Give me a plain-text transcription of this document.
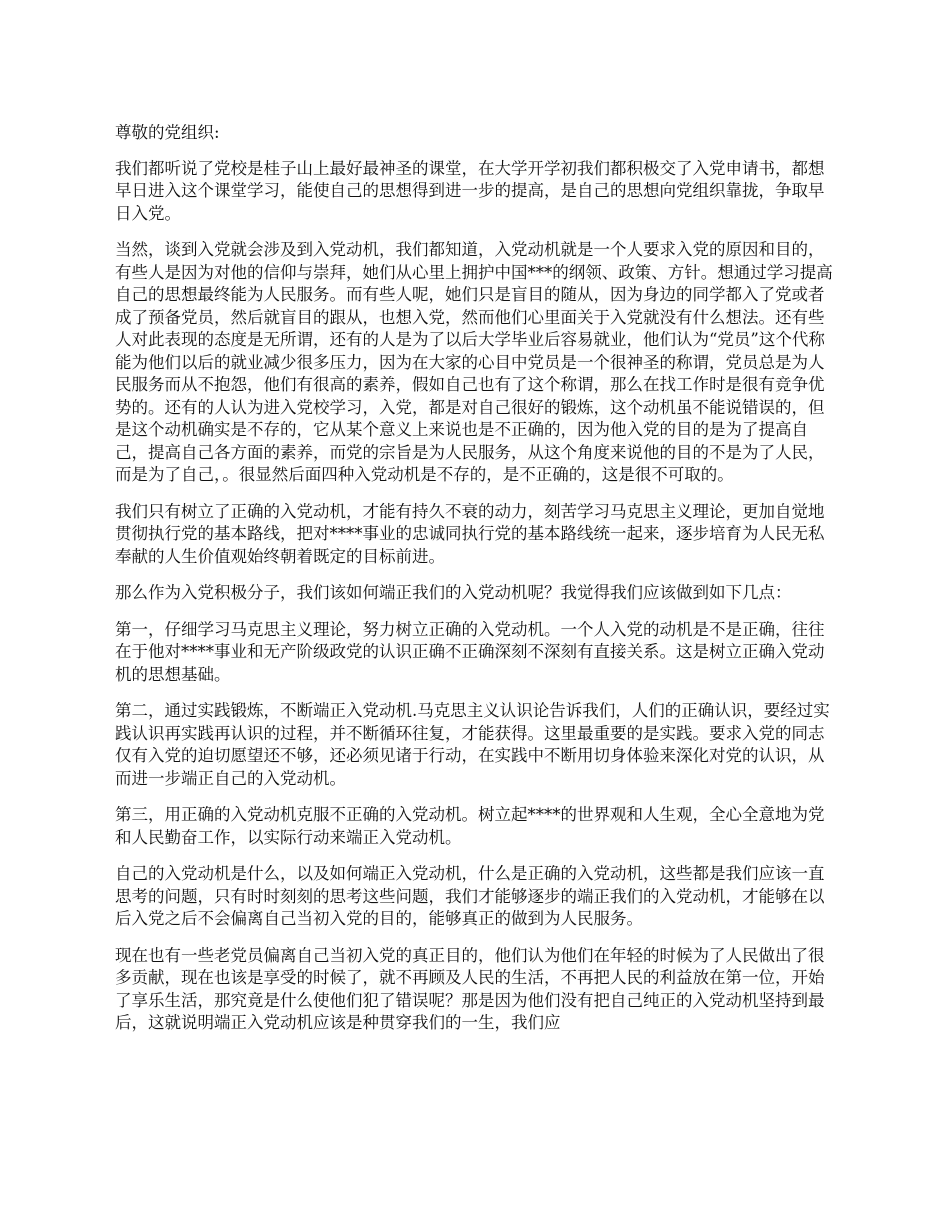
尊敬的党组织:

我们都听说了党校是桂子山上最好最神圣的课堂，在大学开学初我们都积极交了入党申请书，都想早日进入这个课堂学习，能使自己的思想得到进一步的提高，是自己的思想向党组织靠拢，争取早日入党。

当然，谈到入党就会涉及到入党动机，我们都知道，入党动机就是一个人要求入党的原因和目的，有些人是因为对他的信仰与崇拜，她们从心里上拥护中国***的纲领、政策、方针。想通过学习提高自己的思想最终能为人民服务。而有些人呢，她们只是盲目的随从，因为身边的同学都入了党或者成了预备党员，然后就盲目的跟从，也想入党，然而他们心里面关于入党就没有什么想法。还有些人对此表现的态度是无所谓，还有的人是为了以后大学毕业后容易就业，他们认为“党员”这个代称能为他们以后的就业减少很多压力，因为在大家的心目中党员是一个很神圣的称谓，党员总是为人民服务而从不抱怨，他们有很高的素养，假如自己也有了这个称谓，那么在找工作时是很有竞争优势的。还有的人认为进入党校学习，入党，都是对自己很好的锻炼，这个动机虽不能说错误的，但是这个动机确实是不存的，它从某个意义上来说也是不正确的，因为他入党的目的是为了提高自己，提高自己各方面的素养，而党的宗旨是为人民服务，从这个角度来说他的目的不是为了人民，而是为了自己，。很显然后面四种入党动机是不存的，是不正确的，这是很不可取的。

我们只有树立了正确的入党动机，才能有持久不衰的动力，刻苦学习马克思主义理论，更加自觉地贯彻执行党的基本路线，把对****事业的忠诚同执行党的基本路线统一起来，逐步培育为人民无私奉献的人生价值观始终朝着既定的目标前进。

那么作为入党积极分子，我们该如何端正我们的入党动机呢？我觉得我们应该做到如下几点：

第一，仔细学习马克思主义理论，努力树立正确的入党动机。一个人入党的动机是不是正确，往往在于他对****事业和无产阶级政党的认识正确不正确深刻不深刻有直接关系。这是树立正确入党动机的思想基础。

第二，通过实践锻炼，不断端正入党动机.马克思主义认识论告诉我们，人们的正确认识，要经过实践认识再实践再认识的过程，并不断循环往复，才能获得。这里最重要的是实践。要求入党的同志仅有入党的迫切愿望还不够，还必须见诸于行动，在实践中不断用切身体验来深化对党的认识，从而进一步端正自己的入党动机。

第三，用正确的入党动机克服不正确的入党动机。树立起****的世界观和人生观，全心全意地为党和人民勤奋工作，以实际行动来端正入党动机。

自己的入党动机是什么，以及如何端正入党动机，什么是正确的入党动机，这些都是我们应该一直思考的问题，只有时时刻刻的思考这些问题，我们才能够逐步的端正我们的入党动机，才能够在以后入党之后不会偏离自己当初入党的目的，能够真正的做到为人民服务。

现在也有一些老党员偏离自己当初入党的真正目的，他们认为他们在年轻的时候为了人民做出了很多贡献，现在也该是享受的时候了，就不再顾及人民的生活，不再把人民的利益放在第一位，开始了享乐生活，那究竟是什么使他们犯了错误呢？那是因为他们没有把自己纯正的入党动机坚持到最后，这就说明端正入党动机应该是种贯穿我们的一生，我们应
